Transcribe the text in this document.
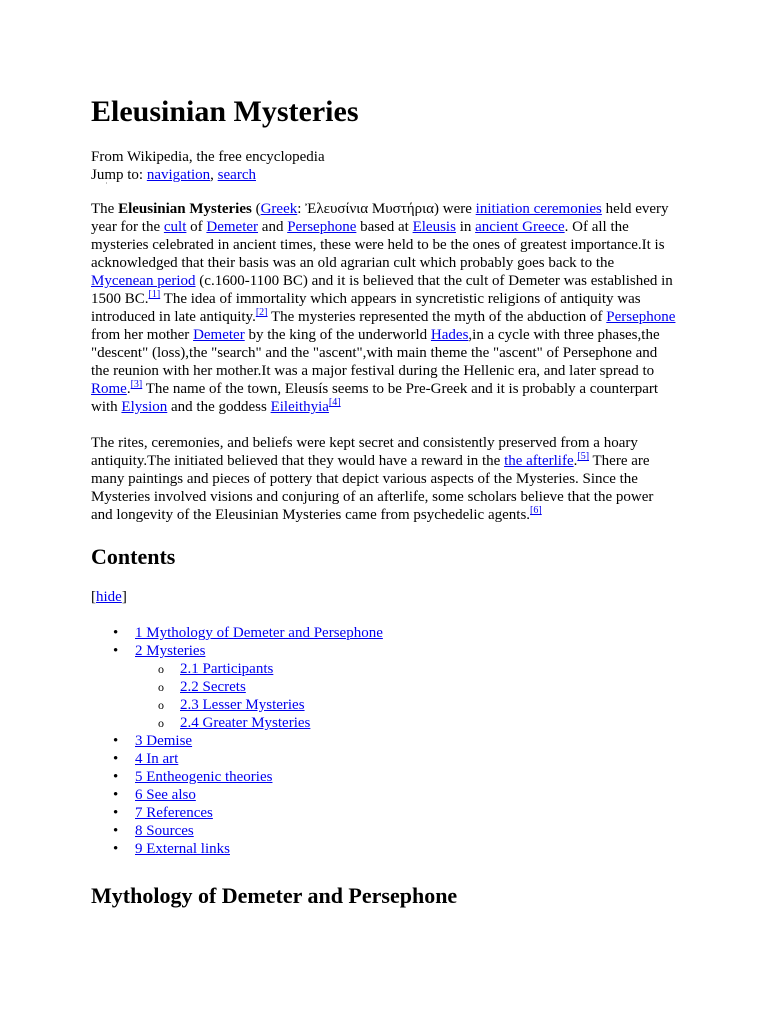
Eleusinian Mysteries
From Wikipedia, the free encyclopedia
Jump to: navigation, search
˙

The Eleusinian Mysteries (Greek: Ἐλευσίνια Μυστήρια) were initiation ceremonies held every year for the cult of Demeter and Persephone based at Eleusis in ancient Greece. Of all the mysteries celebrated in ancient times, these were held to be the ones of greatest importance.It is acknowledged that their basis was an old agrarian cult which probably goes back to the Mycenean period (c.1600-1100 BC) and it is believed that the cult of Demeter was established in 1500 BC.[1] The idea of immortality which appears in syncretistic religions of antiquity was introduced in late antiquity.[2] The mysteries represented the myth of the abduction of Persephone from her mother Demeter by the king of the underworld Hades,in a cycle with three phases,the "descent" (loss),the "search" and the "ascent",with main theme the "ascent" of Persephone and the reunion with her mother.It was a major festival during the Hellenic era, and later spread to Rome.[3] The name of the town, Eleusís seems to be Pre-Greek and it is probably a counterpart with Elysion and the goddess Eileithyia[4]

The rites, ceremonies, and beliefs were kept secret and consistently preserved from a hoary antiquity.The initiated believed that they would have a reward in the the afterlife.[5] There are many paintings and pieces of pottery that depict various aspects of the Mysteries. Since the Mysteries involved visions and conjuring of an afterlife, some scholars believe that the power and longevity of the Eleusinian Mysteries came from psychedelic agents.[6]

Contents
[hide]
• 1 Mythology of Demeter and Persephone
• 2 Mysteries
o 2.1 Participants
o 2.2 Secrets
o 2.3 Lesser Mysteries
o 2.4 Greater Mysteries
• 3 Demise
• 4 In art
• 5 Entheogenic theories
• 6 See also
• 7 References
• 8 Sources
• 9 External links
Mythology of Demeter and Persephone
